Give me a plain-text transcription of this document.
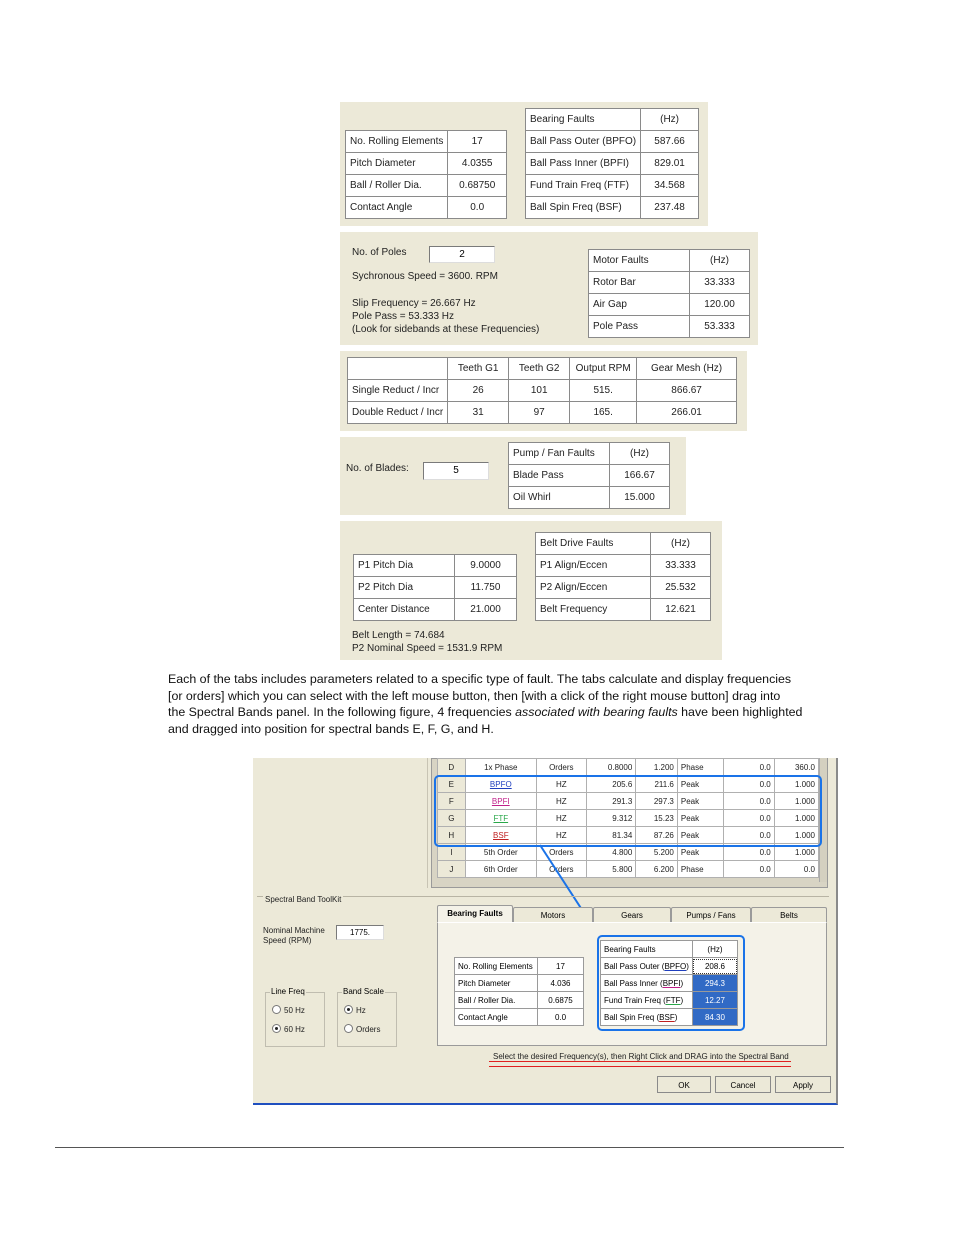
No. Rolling Elements	17
Pitch Diameter	4.0355
Ball / Roller Dia.	0.68750
Contact Angle	0.0
Bearing Faults	(Hz)
Ball Pass Outer (BPFO)	587.66
Ball Pass Inner (BPFI)	829.01
Fund Train Freq (FTF)	34.568
Ball Spin Freq (BSF)	237.48
No. of Poles	2
Sychronous Speed = 3600. RPM
Slip Frequency = 26.667 Hz
Pole Pass = 53.333 Hz
(Look for sidebands at these Frequencies)
Motor Faults	(Hz)
Rotor Bar	33.333
Air Gap	120.00
Pole Pass	53.333
	Teeth G1	Teeth G2	Output RPM	Gear Mesh (Hz)
Single Reduct / Incr	26	101	515.	866.67
Double Reduct / Incr	31	97	165.	266.01
No. of Blades:	5
Pump / Fan Faults	(Hz)
Blade Pass	166.67
Oil Whirl	15.000
P1 Pitch Dia	9.0000
P2 Pitch Dia	11.750
Center Distance	21.000
Belt Drive Faults	(Hz)
P1 Align/Eccen	33.333
P2 Align/Eccen	25.532
Belt Frequency	12.621
Belt Length = 74.684
P2 Nominal Speed = 1531.9 RPM

Each of the tabs includes parameters related to a specific type of fault. The tabs calculate and display frequencies

[or orders] which you can select with the left mouse button, then [with a click of the right mouse button] drag into

the Spectral Bands panel. In the following figure, 4 frequencies associated with bearing faults have been highlighted

and dragged into position for spectral bands E, F, G, and H.

D	1x Phase	Orders	0.8000	1.200	Phase	0.0	360.0
E	BPFO	HZ	205.6	211.6	Peak	0.0	1.000
F	BPFI	HZ	291.3	297.3	Peak	0.0	1.000
G	FTF	HZ	9.312	15.23	Peak	0.0	1.000
H	BSF	HZ	81.34	87.26	Peak	0.0	1.000
I	5th Order	Orders	4.800	5.200	Peak	0.0	1.000
J	6th Order	Orders	5.800	6.200	Phase	0.0	0.0
Spectral Band ToolKit
Nominal Machine
Speed (RPM)
1775.
Line Freq
50 Hz
60 Hz
Band Scale
Hz
Orders
Bearing Faults	Motors	Gears	Pumps / Fans	Belts
No. Rolling Elements	17
Pitch Diameter	4.036
Ball / Roller Dia.	0.6875
Contact Angle	0.0
Bearing Faults	(Hz)
Ball Pass Outer (BPFO)	208.6
Ball Pass Inner (BPFI)	294.3
Fund Train Freq (FTF)	12.27
Ball Spin Freq (BSF)	84.30
Select the desired Frequency(s), then Right Click and DRAG into the Spectral Band
OK	Cancel	Apply
